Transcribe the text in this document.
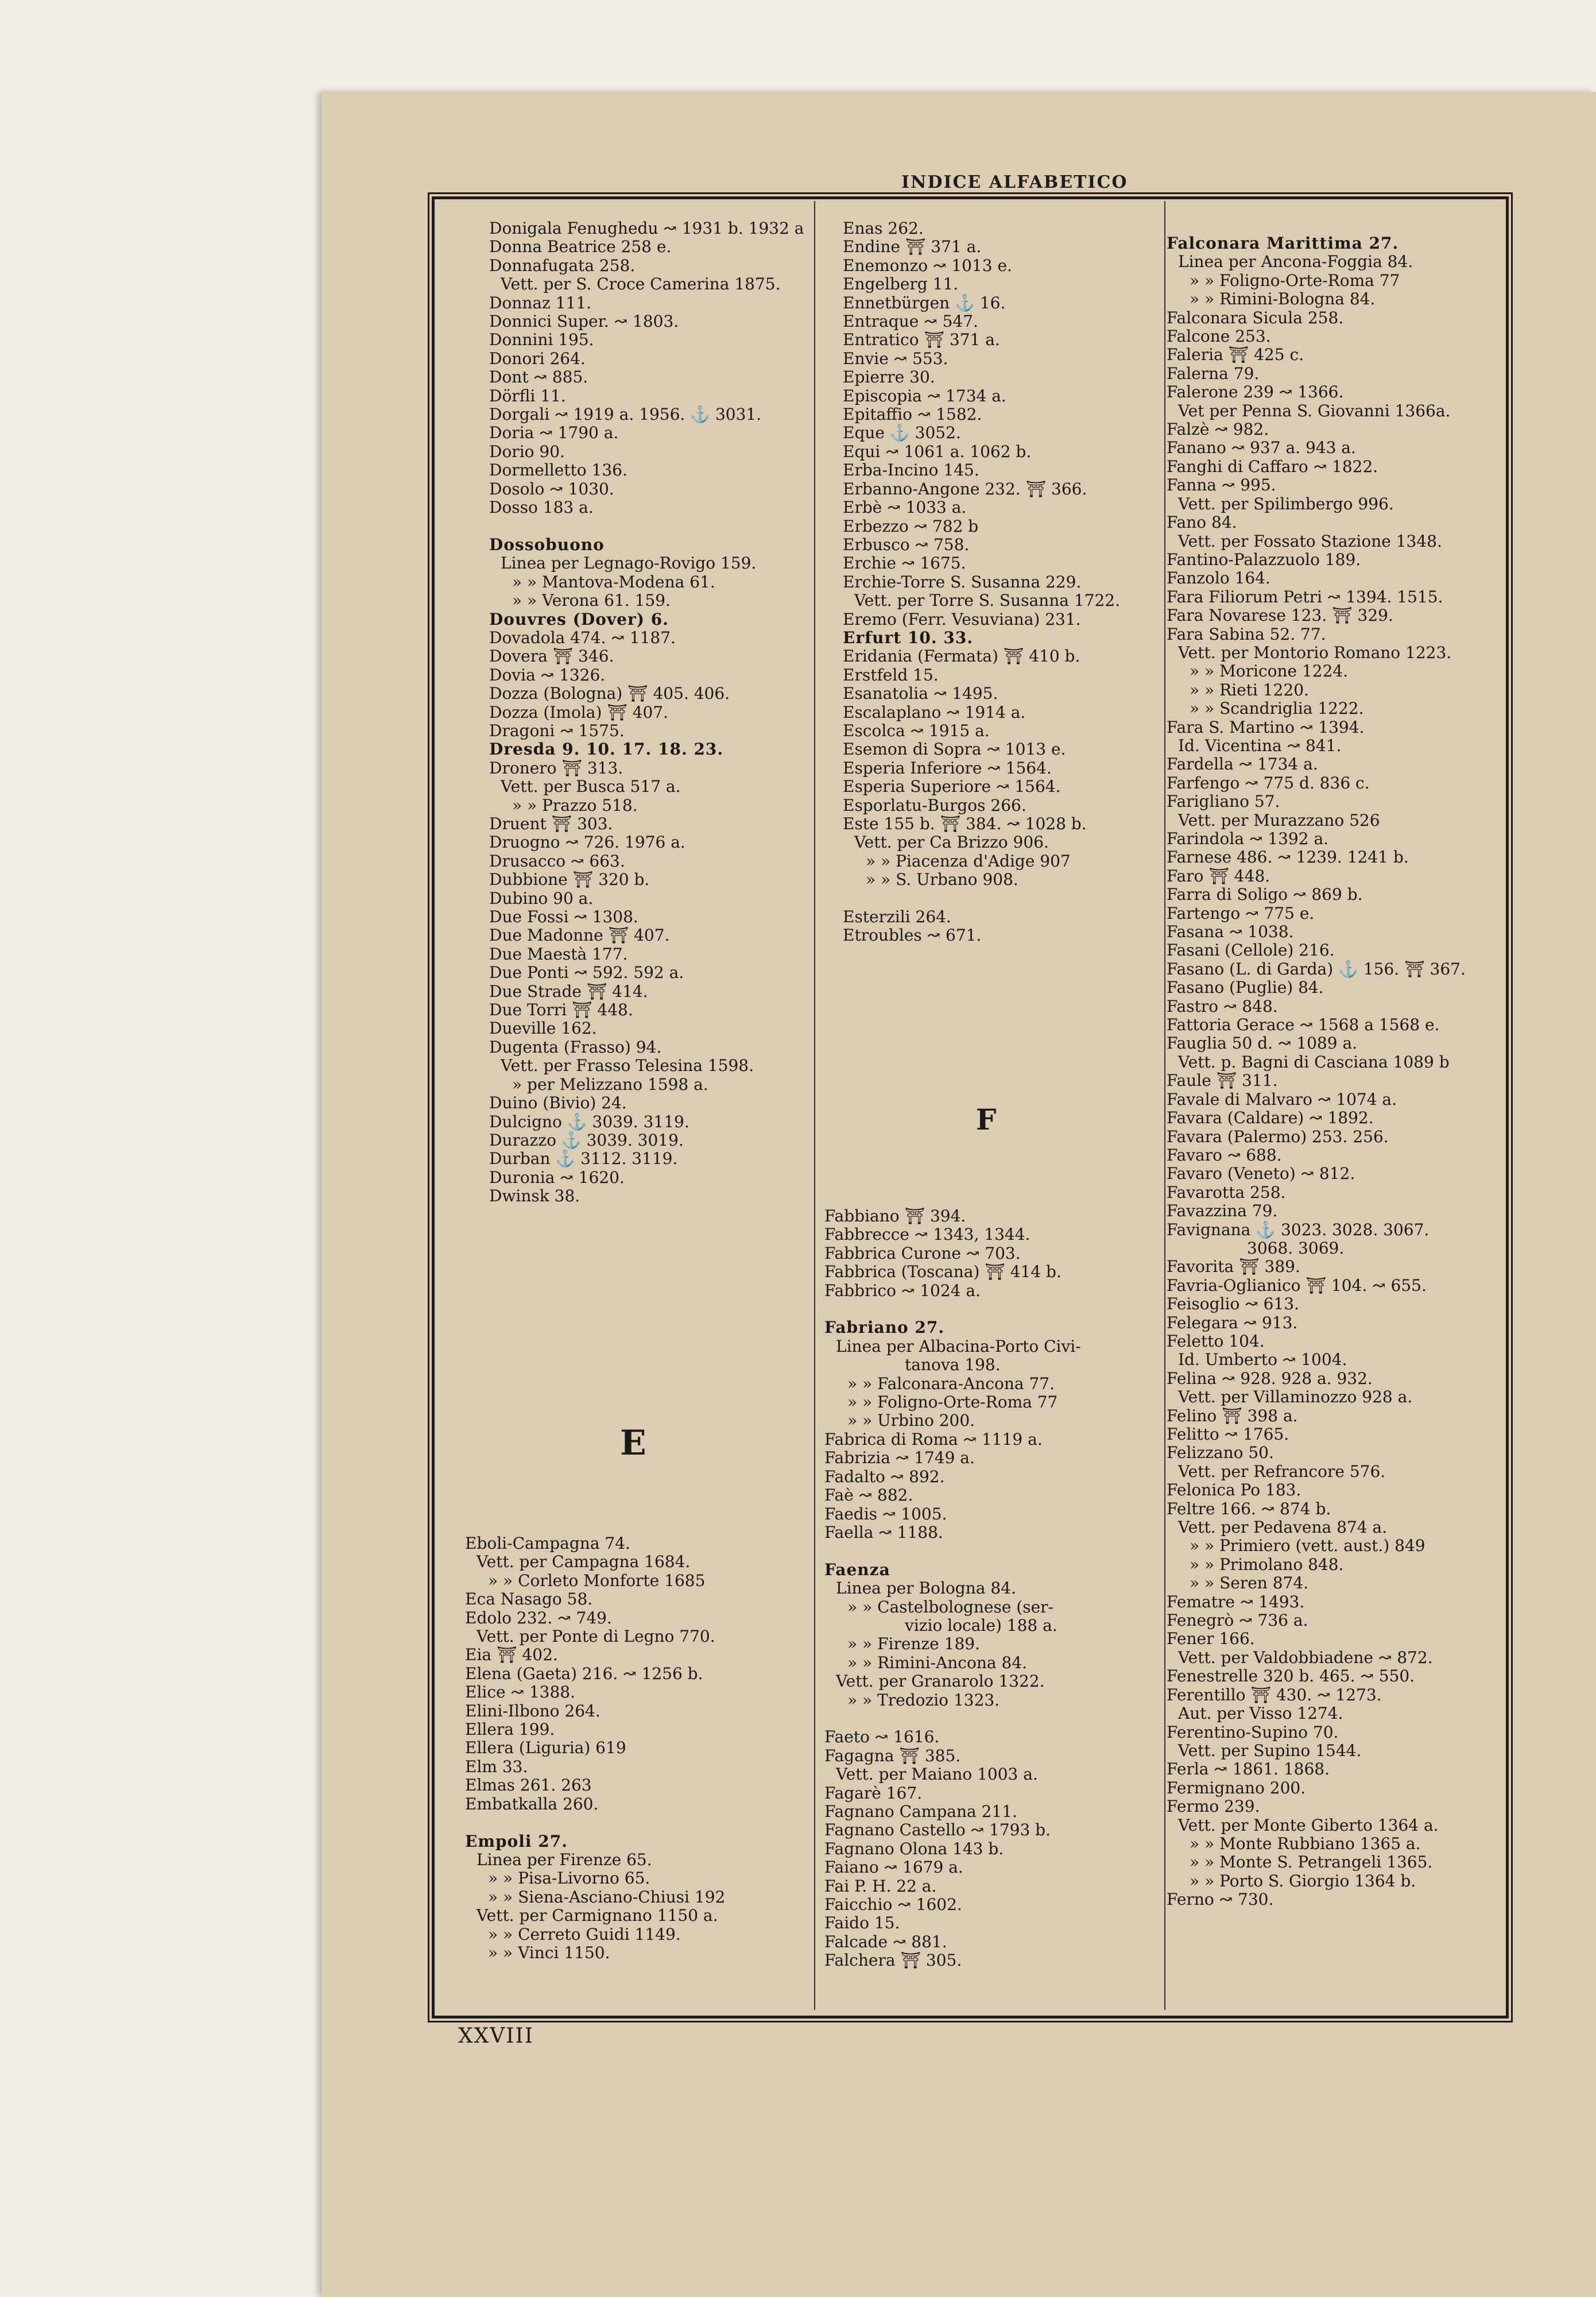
INDICE ALFABETICO
Donigala Fenughedu ↝ 1931 b. 1932 a
Donna Beatrice 258 e.
Donnafugata 258.
Vett. per S. Croce Camerina 1875.
Donnaz 111.
Donnici Super. ↝ 1803.
Donnini 195.
Donori 264.
Dont ↝ 885.
Dörfli 11.
Dorgali ↝ 1919 a. 1956. ⚓ 3031.
Doria ↝ 1790 a.
Dorio 90.
Dormelletto 136.
Dosolo ↝ 1030.
Dosso 183 a.

Dossobuono
Linea per Legnago-Rovigo 159.
» » Mantova-Modena 61.
» » Verona 61. 159.
Douvres (Dover) 6.
Dovadola 474. ↝ 1187.
Dovera ⛩ 346.
Dovia ↝ 1326.
Dozza (Bologna) ⛩ 405. 406.
Dozza (Imola) ⛩ 407.
Dragoni ↝ 1575.
Dresda 9. 10. 17. 18. 23.
Dronero ⛩ 313.
Vett. per Busca 517 a.
» » Prazzo 518.
Druent ⛩ 303.
Druogno ↝ 726. 1976 a.
Drusacco ↝ 663.
Dubbione ⛩ 320 b.
Dubino 90 a.
Due Fossi ↝ 1308.
Due Madonne ⛩ 407.
Due Maestà 177.
Due Ponti ↝ 592. 592 a.
Due Strade ⛩ 414.
Due Torri ⛩ 448.
Dueville 162.
Dugenta (Frasso) 94.
Vett. per Frasso Telesina 1598.
» per Melizzano 1598 a.
Duino (Bivio) 24.
Dulcigno ⚓ 3039. 3119.
Durazzo ⚓ 3039. 3019.
Durban ⚓ 3112. 3119.
Duronia ↝ 1620.
Dwinsk 38.
Eboli-Campagna 74.
Vett. per Campagna 1684.
» » Corleto Monforte 1685
Eca Nasago 58.
Edolo 232. ↝ 749.
Vett. per Ponte di Legno 770.
Eia ⛩ 402.
Elena (Gaeta) 216. ↝ 1256 b.
Elice ↝ 1388.
Elini-Ilbono 264.
Ellera 199.
Ellera (Liguria) 619
Elm 33.
Elmas 261. 263
Embatkalla 260.

Empoli 27.
Linea per Firenze 65.
» » Pisa-Livorno 65.
» » Siena-Asciano-Chiusi 192
Vett. per Carmignano 1150 a.
» » Cerreto Guidi 1149.
» » Vinci 1150.
Enas 262.
Endine ⛩ 371 a.
Enemonzo ↝ 1013 e.
Engelberg 11.
Ennetbürgen ⚓ 16.
Entraque ↝ 547.
Entratico ⛩ 371 a.
Envie ↝ 553.
Epierre 30.
Episcopia ↝ 1734 a.
Epitaffio ↝ 1582.
Eque ⚓ 3052.
Equi ↝ 1061 a. 1062 b.
Erba-Incino 145.
Erbanno-Angone 232. ⛩ 366.
Erbè ↝ 1033 a.
Erbezzo ↝ 782 b
Erbusco ↝ 758.
Erchie ↝ 1675.
Erchie-Torre S. Susanna 229.
Vett. per Torre S. Susanna 1722.
Eremo (Ferr. Vesuviana) 231.
Erfurt 10. 33.
Eridania (Fermata) ⛩ 410 b.
Erstfeld 15.
Esanatolia ↝ 1495.
Escalaplano ↝ 1914 a.
Escolca ↝ 1915 a.
Esemon di Sopra ↝ 1013 e.
Esperia Inferiore ↝ 1564.
Esperia Superiore ↝ 1564.
Esporlatu-Burgos 266.
Este 155 b. ⛩ 384. ↝ 1028 b.
Vett. per Ca Brizzo 906.
» » Piacenza d'Adige 907
» » S. Urbano 908.

Esterzili 264.
Etroubles ↝ 671.
Fabbiano ⛩ 394.
Fabbrecce ↝ 1343, 1344.
Fabbrica Curone ↝ 703.
Fabbrica (Toscana) ⛩ 414 b.
Fabbrico ↝ 1024 a.

Fabriano 27.
Linea per Albacina-Porto Civi-
tanova 198.
» » Falconara-Ancona 77.
» » Foligno-Orte-Roma 77
» » Urbino 200.
Fabrica di Roma ↝ 1119 a.
Fabrizia ↝ 1749 a.
Fadalto ↝ 892.
Faè ↝ 882.
Faedis ↝ 1005.
Faella ↝ 1188.

Faenza
Linea per Bologna 84.
» » Castelbolognese (ser-
vizio locale) 188 a.
» » Firenze 189.
» » Rimini-Ancona 84.
Vett. per Granarolo 1322.
» » Tredozio 1323.

Faeto ↝ 1616.
Fagagna ⛩ 385.
Vett. per Maiano 1003 a.
Fagarè 167.
Fagnano Campana 211.
Fagnano Castello ↝ 1793 b.
Fagnano Olona 143 b.
Faiano ↝ 1679 a.
Fai P. H. 22 a.
Faicchio ↝ 1602.
Faido 15.
Falcade ↝ 881.
Falchera ⛩ 305.
Falconara Marittima 27.
Linea per Ancona-Foggia 84.
» » Foligno-Orte-Roma 77
» » Rimini-Bologna 84.
Falconara Sicula 258.
Falcone 253.
Faleria ⛩ 425 c.
Falerna 79.
Falerone 239 ↝ 1366.
Vet per Penna S. Giovanni 1366a.
Falzè ↝ 982.
Fanano ↝ 937 a. 943 a.
Fanghi di Caffaro ↝ 1822.
Fanna ↝ 995.
Vett. per Spilimbergo 996.
Fano 84.
Vett. per Fossato Stazione 1348.
Fantino-Palazzuolo 189.
Fanzolo 164.
Fara Filiorum Petri ↝ 1394. 1515.
Fara Novarese 123. ⛩ 329.
Fara Sabina 52. 77.
Vett. per Montorio Romano 1223.
» » Moricone 1224.
» » Rieti 1220.
» » Scandriglia 1222.
Fara S. Martino ↝ 1394.
Id. Vicentina ↝ 841.
Fardella ↝ 1734 a.
Farfengo ↝ 775 d. 836 c.
Farigliano 57.
Vett. per Murazzano 526
Farindola ↝ 1392 a.
Farnese 486. ↝ 1239. 1241 b.
Faro ⛩ 448.
Farra di Soligo ↝ 869 b.
Fartengo ↝ 775 e.
Fasana ↝ 1038.
Fasani (Cellole) 216.
Fasano (L. di Garda) ⚓ 156. ⛩ 367.
Fasano (Puglie) 84.
Fastro ↝ 848.
Fattoria Gerace ↝ 1568 a 1568 e.
Fauglia 50 d. ↝ 1089 a.
Vett. p. Bagni di Casciana 1089 b
Faule ⛩ 311.
Favale di Malvaro ↝ 1074 a.
Favara (Caldare) ↝ 1892.
Favara (Palermo) 253. 256.
Favaro ↝ 688.
Favaro (Veneto) ↝ 812.
Favarotta 258.
Favazzina 79.
Favignana ⚓ 3023. 3028. 3067.
3068. 3069.
Favorita ⛩ 389.
Favria-Oglianico ⛩ 104. ↝ 655.
Feisoglio ↝ 613.
Felegara ↝ 913.
Feletto 104.
Id. Umberto ↝ 1004.
Felina ↝ 928. 928 a. 932.
Vett. per Villaminozzo 928 a.
Felino ⛩ 398 a.
Felitto ↝ 1765.
Felizzano 50.
Vett. per Refrancore 576.
Felonica Po 183.
Feltre 166. ↝ 874 b.
Vett. per Pedavena 874 a.
» » Primiero (vett. aust.) 849
» » Primolano 848.
» » Seren 874.
Fematre ↝ 1493.
Fenegrò ↝ 736 a.
Fener 166.
Vett. per Valdobbiadene ↝ 872.
Fenestrelle 320 b. 465. ↝ 550.
Ferentillo ⛩ 430. ↝ 1273.
Aut. per Visso 1274.
Ferentino-Supino 70.
Vett. per Supino 1544.
Ferla ↝ 1861. 1868.
Fermignano 200.
Fermo 239.
Vett. per Monte Giberto 1364 a.
» » Monte Rubbiano 1365 a.
» » Monte S. Petrangeli 1365.
» » Porto S. Giorgio 1364 b.
Ferno ↝ 730.
E
F
XXVIII
